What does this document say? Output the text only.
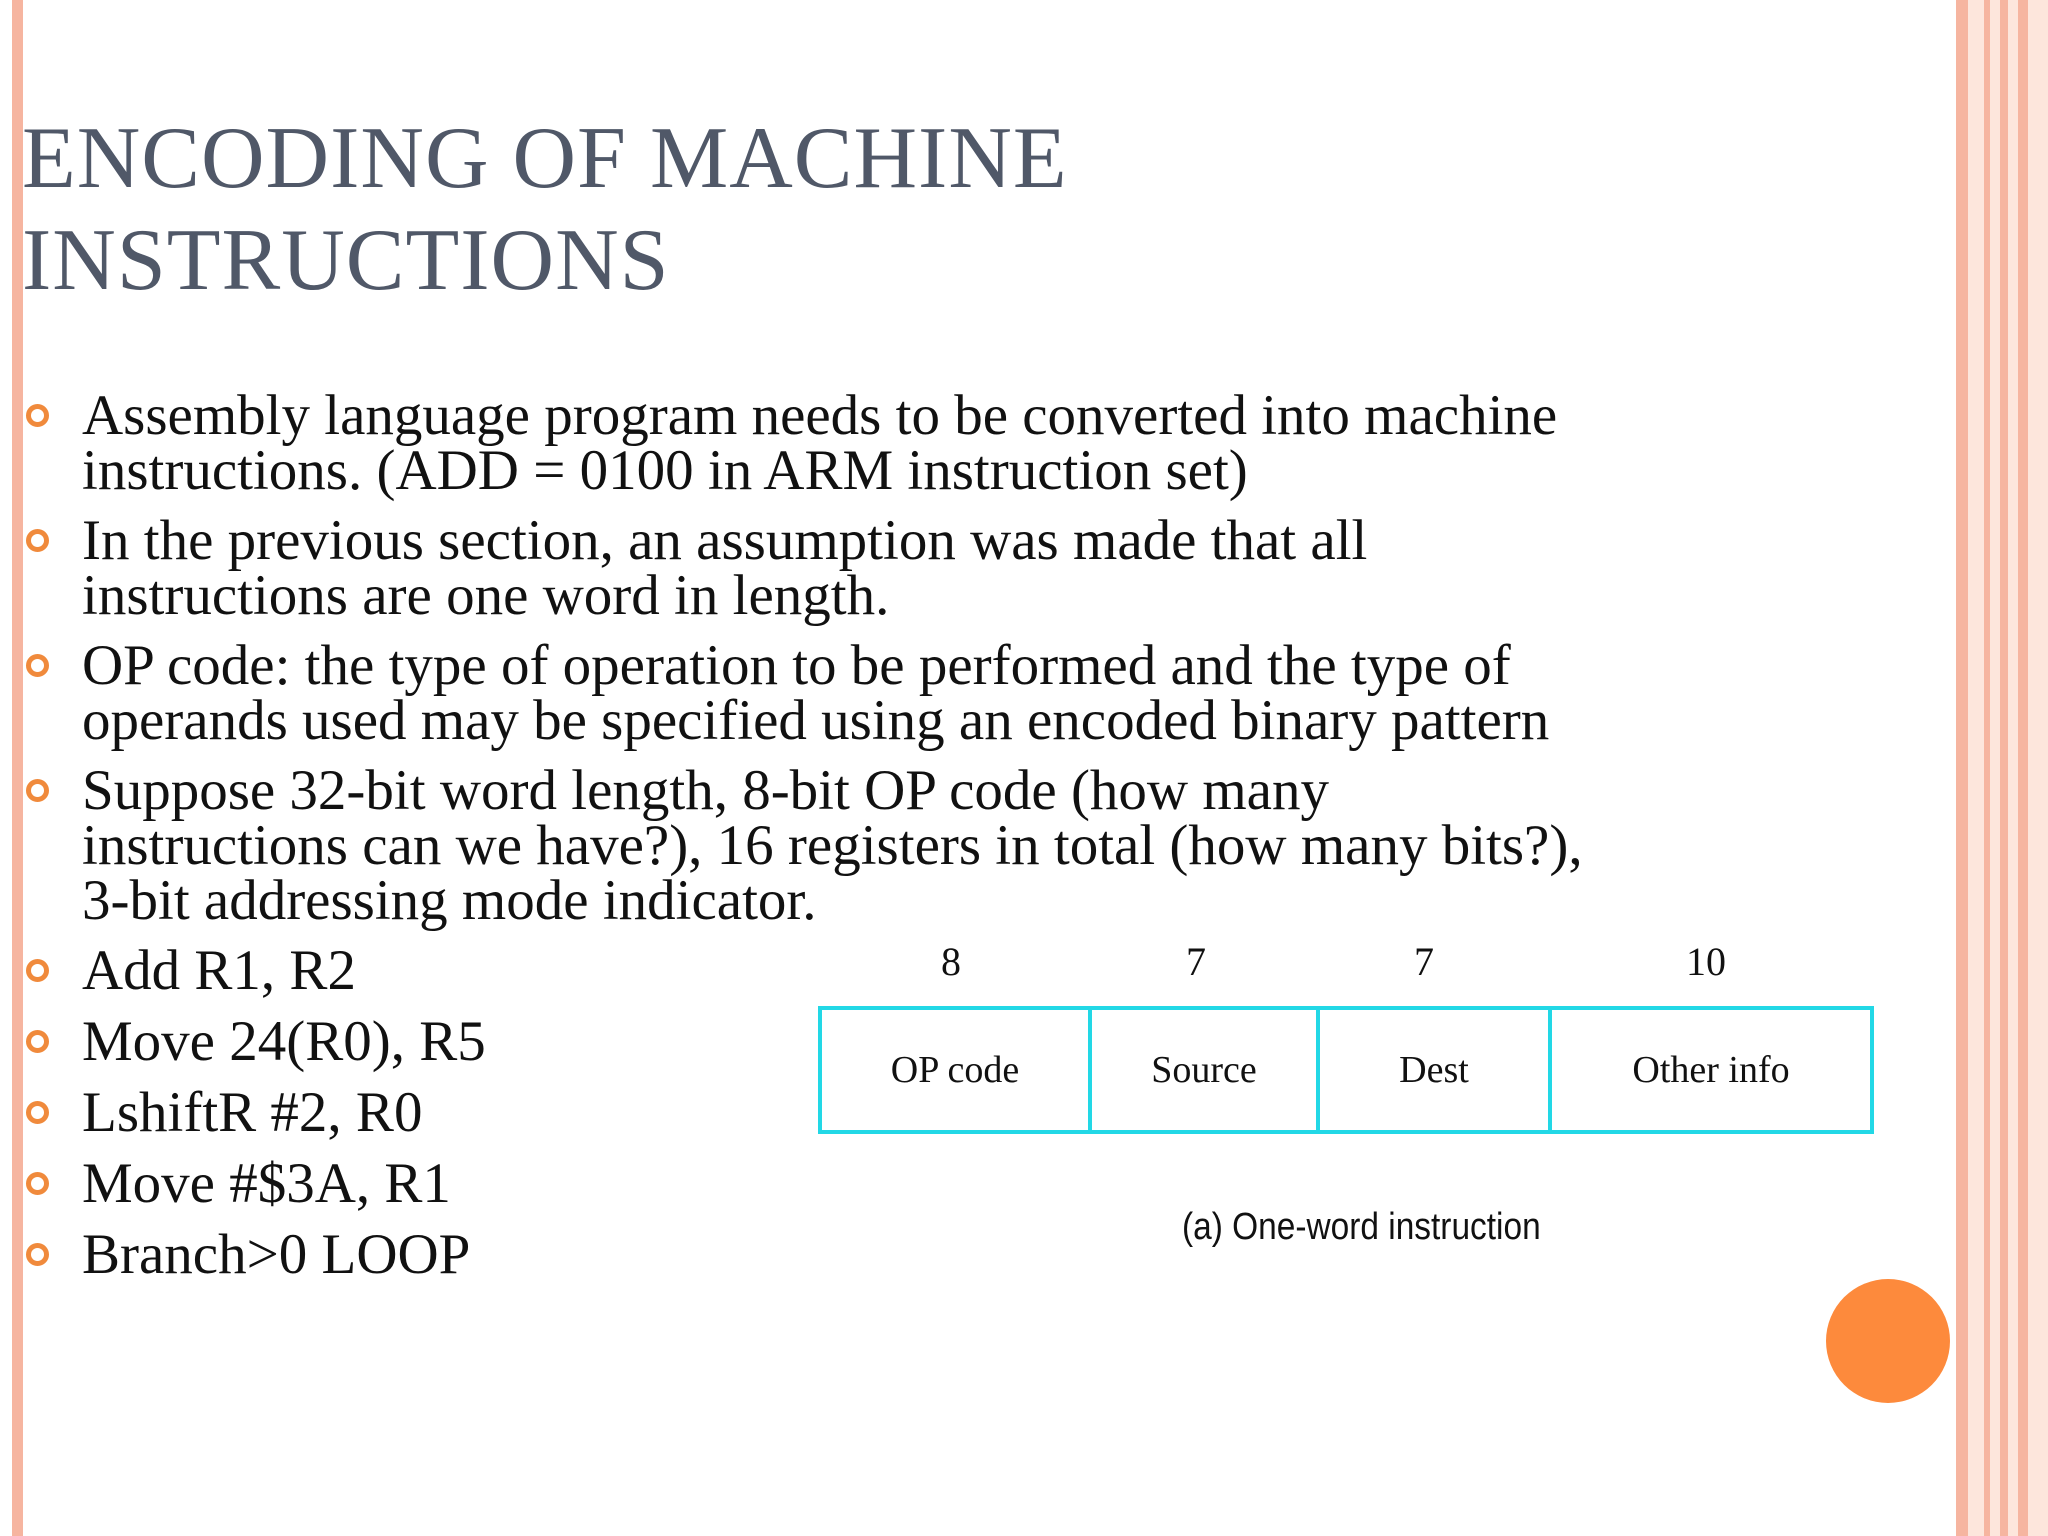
ENCODING OF MACHINE
INSTRUCTIONS
Assembly language program needs to be converted into machine
instructions. (ADD = 0100 in ARM instruction set)
In the previous section, an assumption was made that all
instructions are one word in length.
OP code: the type of operation to be performed and the type of
operands used may be specified using an encoded binary pattern
Suppose 32-bit word length, 8-bit OP code (how many
instructions can we have?), 16 registers in total (how many bits?),
3-bit addressing mode indicator.
Add R1, R2
Move 24(R0), R5
LshiftR #2, R0
Move #$3A, R1
Branch>0 LOOP
8	7	7	10
OP code	Source	Dest	Other info
(a) One-word instruction
